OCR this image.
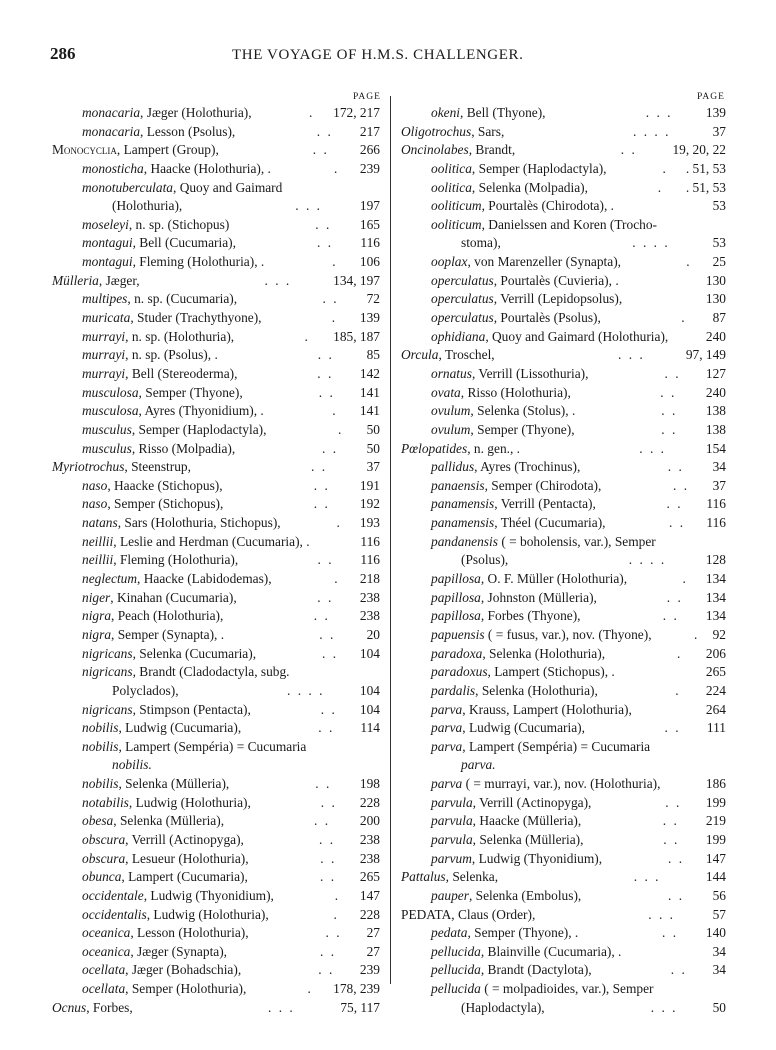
286	THE VOYAGE OF H.M.S. CHALLENGER.
PAGE	PAGE
monacaria, Jæger (Holothuria),	. 172, 217
monacaria, Lesson (Psolus),	. . 217
Monocyclia, Lampert (Group),	. . 266
monosticha, Haacke (Holothuria), .	. 239
monotuberculata, Quoy and Gaimard
(Holothuria),	. . .	197
moseleyi, n. sp. (Stichopus)	. . 165
montagui, Bell (Cucumaria),	. . 116
montagui, Fleming (Holothuria), .	. 106
Mülleria, Jæger,	. . .	134, 197
multipes, n. sp. (Cucumaria),	. . 72
muricata, Studer (Trachythyone),	. 139
murrayi, n. sp. (Holothuria),	. 185, 187
murrayi, n. sp. (Psolus), .	. . 85
murrayi, Bell (Stereoderma),	. . 142
musculosa, Semper (Thyone),	. . 141
musculosa, Ayres (Thyonidium), .	. 141
musculus, Semper (Haplodactyla),	. 50
musculus, Risso (Molpadia),	. . 50
Myriotrochus, Steenstrup,	. .	37
naso, Haacke (Stichopus),	. . 191
naso, Semper (Stichopus),	. . 192
natans, Sars (Holothuria, Stichopus),	. 193
neillii, Leslie and Herdman (Cucumaria), .	116
neillii, Fleming (Holothuria),	. . 116
neglectum, Haacke (Labidodemas),	. 218
niger, Kinahan (Cucumaria),	. . 238
nigra, Peach (Holothuria),	. . 238
nigra, Semper (Synapta), .	. . 20
nigricans, Selenka (Cucumaria),	. . 104
nigricans, Brandt (Cladodactyla, subg.
Polyclados),	. . . .	104
nigricans, Stimpson (Pentacta),	. . 104
nobilis, Ludwig (Cucumaria),	. . 114
nobilis, Lampert (Sempéria) = Cucumaria
nobilis.
nobilis, Selenka (Mülleria),	. . 198
notabilis, Ludwig (Holothuria),	. . 228
obesa, Selenka (Mülleria),	. . 200
obscura, Verrill (Actinopyga),	. . 238
obscura, Lesueur (Holothuria),	. . 238
obunca, Lampert (Cucumaria),	. . 265
occidentale, Ludwig (Thyonidium),	. 147
occidentalis, Ludwig (Holothuria),	. 228
oceanica, Lesson (Holothuria),	. . 27
oceanica, Jæger (Synapta),	. . 27
ocellata, Jæger (Bohadschia),	. . 239
ocellata, Semper (Holothuria),	. 178, 239
Ocnus, Forbes,	. . .	75, 117
okeni, Bell (Thyone),	. . . 139
Oligotrochus, Sars,	. . . .	37
Oncinolabes, Brandt,	. .	19, 20, 22
oolitica, Semper (Haplodactyla),	. . 51, 53
oolitica, Selenka (Molpadia),	. . 51, 53
ooliticum, Pourtalès (Chirodota), .	53
ooliticum, Danielssen and Koren (Trocho-
stoma),	. . . .	53
ooplax, von Marenzeller (Synapta),	. 25
operculatus, Pourtalès (Cuvieria), .	130
operculatus, Verrill (Lepidopsolus),	130
operculatus, Pourtalès (Psolus),	. 87
ophidiana, Quoy and Gaimard (Holothuria),	240
Orcula, Troschel,	. . .	97, 149
ornatus, Verrill (Lissothuria),	. . 127
ovata, Risso (Holothuria),	. . 240
ovulum, Selenka (Stolus), .	. . 138
ovulum, Semper (Thyone),	. . 138
Pœlopatides, n. gen., .	. . .	154
pallidus, Ayres (Trochinus),	. . 34
panaensis, Semper (Chirodota),	. . 37
panamensis, Verrill (Pentacta),	. . 116
panamensis, Théel (Cucumaria),	. . 116
pandanensis ( = boholensis, var.), Semper
(Psolus),	. . . .	128
papillosa, O. F. Müller (Holothuria),	. 134
papillosa, Johnston (Mülleria),	. . 134
papillosa, Forbes (Thyone),	. . 134
papuensis ( = fusus, var.), nov. (Thyone),	. 92
paradoxa, Selenka (Holothuria),	. 206
paradoxus, Lampert (Stichopus), .	265
pardalis, Selenka (Holothuria),	. 224
parva, Krauss, Lampert (Holothuria),	264
parva, Ludwig (Cucumaria),	. . 111
parva, Lampert (Sempéria) = Cucumaria
parva.
parva ( = murrayi, var.), nov. (Holothuria),	186
parvula, Verrill (Actinopyga),	. . 199
parvula, Haacke (Mülleria),	. . 219
parvula, Selenka (Mülleria),	. . 199
parvum, Ludwig (Thyonidium),	. . 147
Pattalus, Selenka,	. . .	144
pauper, Selenka (Embolus),	. . 56
PEDATA, Claus (Order),	. . .	57
pedata, Semper (Thyone), .	. . 140
pellucida, Blainville (Cucumaria), .	34
pellucida, Brandt (Dactylota),	. . 34
pellucida ( = molpadioides, var.), Semper
(Haplodactyla),	. . .	50
